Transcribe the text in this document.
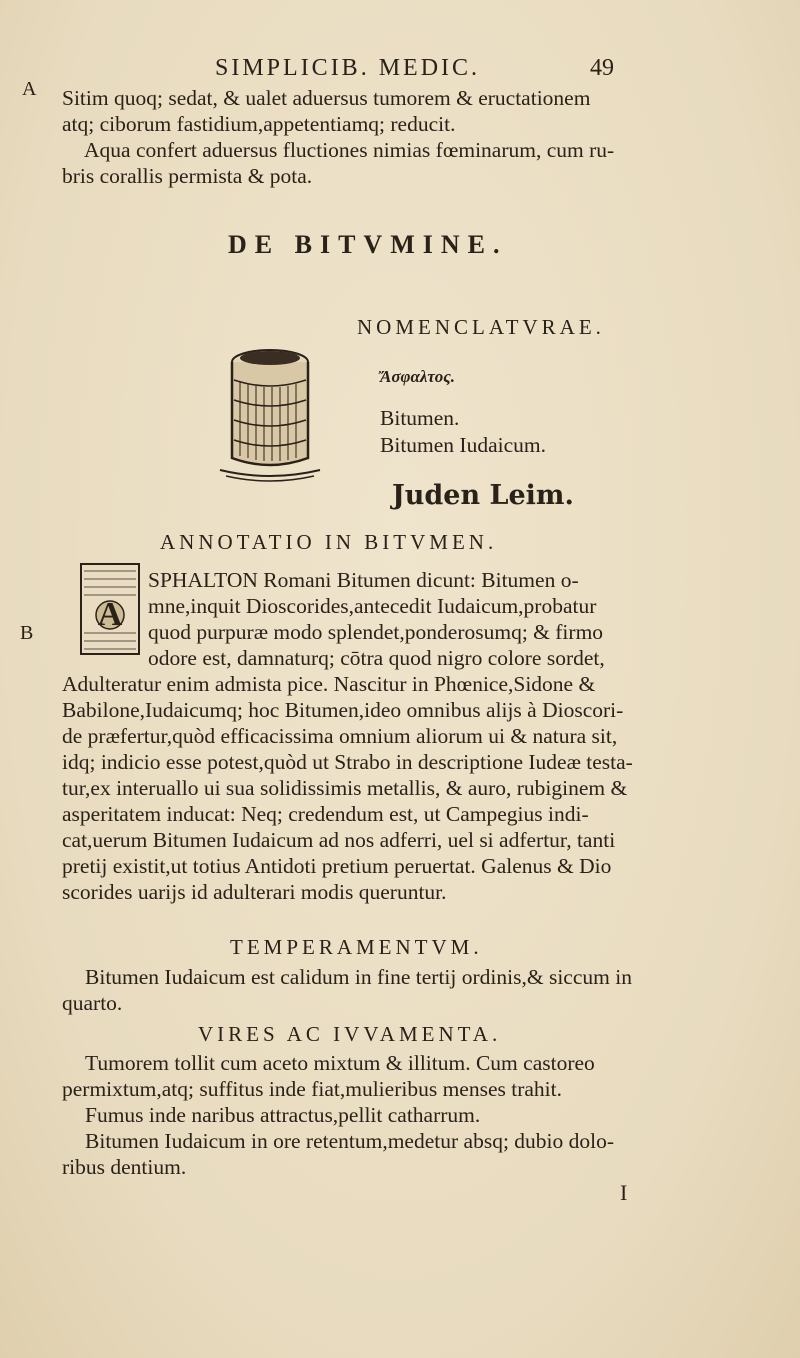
SIMPLICIB. MEDIC.	49
A
B
Sitim quoq; sedat, & ualet aduersus tumorem & eructationem
atq; ciborum fastidium,appetentiamq; reducit.
Aqua confert aduersus fluctiones nimias fœminarum, cum ru-
bris corallis permista & pota.
DE BITVMINE.
NOMENCLATVRAE.
Ἄσφαλτος.
Bitumen.
Bitumen Iudaicum.
Juden Leim.
ANNOTATIO IN BITVMEN.
A
SPHALTON Romani Bitumen dicunt: Bitumen o-
mne,inquit Dioscorides,antecedit Iudaicum,probatur
quod purpuræ modo splendet,ponderosumq; & firmo
odore est, damnaturq; cōtra quod nigro colore sordet,
Adulteratur enim admista pice. Nascitur in Phœnice,Sidone &
Babilone,Iudaicumq; hoc Bitumen,ideo omnibus alijs à Dioscori-
de præfertur,quòd efficacissima omnium aliorum ui & natura sit,
idq; indicio esse potest,quòd ut Strabo in descriptione Iudeæ testa-
tur,ex interuallo ui sua solidissimis metallis, & auro, rubiginem &
asperitatem inducat: Neq; credendum est, ut Campegius indi-
cat,uerum Bitumen Iudaicum ad nos adferri, uel si adfertur, tanti
pretij existit,ut totius Antidoti pretium peruertat. Galenus & Dio
scorides uarijs id adulterari modis queruntur.
TEMPERAMENTVM.
Bitumen Iudaicum est calidum in fine tertij ordinis,& siccum in
quarto.
VIRES AC IVVAMENTA.
Tumorem tollit cum aceto mixtum & illitum. Cum castoreo
permixtum,atq; suffitus inde fiat,mulieribus menses trahit.
Fumus inde naribus attractus,pellit catharrum.
Bitumen Iudaicum in ore retentum,medetur absq; dubio dolo-
ribus dentium.
I
